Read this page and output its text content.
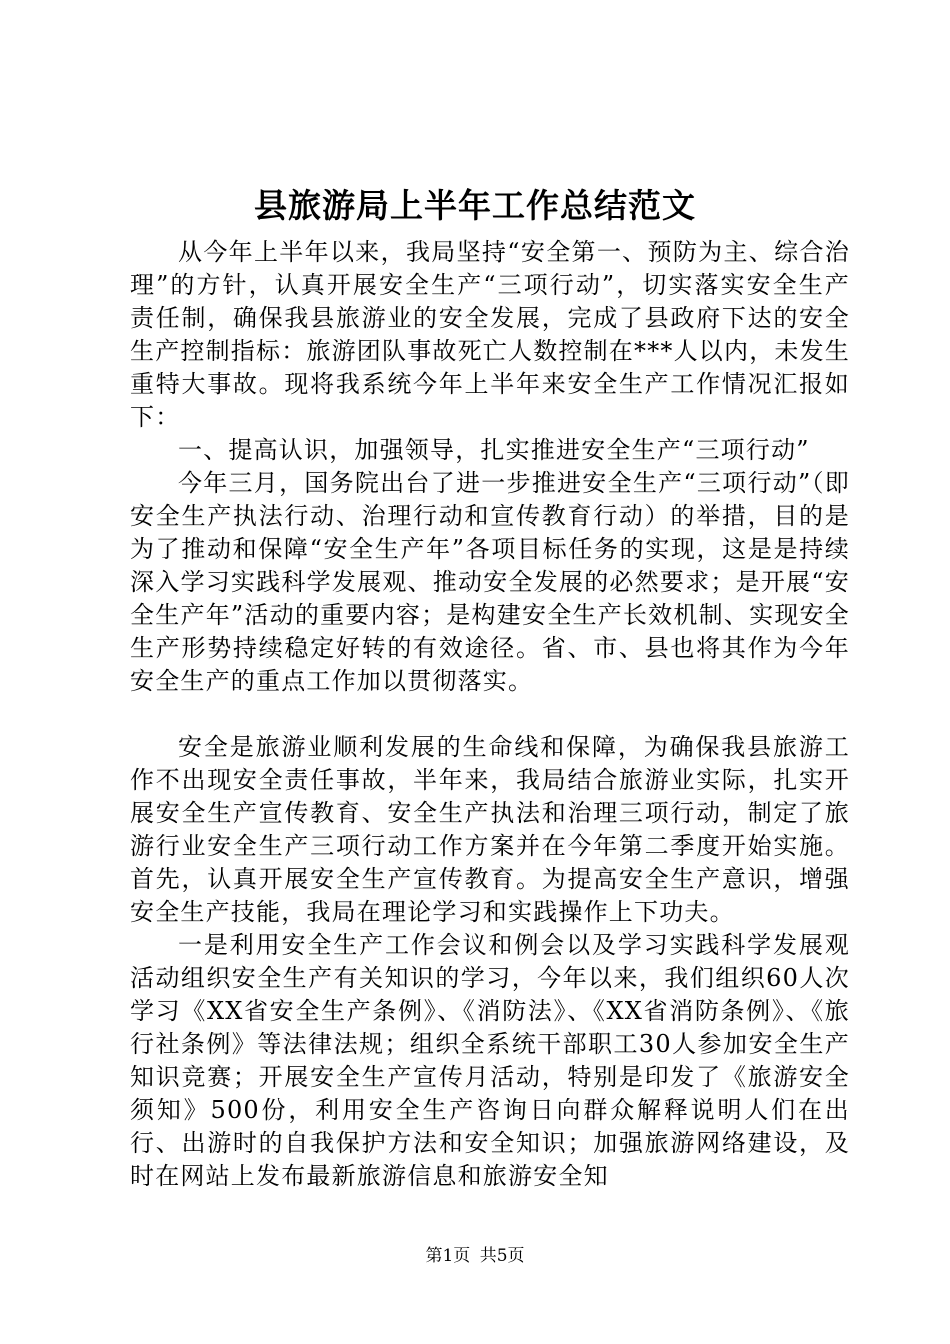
县旅游局上半年工作总结范文

从今年上半年以来，我局坚持“安全第一、预防为主、综合治理”的方针，认真开展安全生产“三项行动”，切实落实安全生产责任制，确保我县旅游业的安全发展，完成了县政府下达的安全生产控制指标：旅游团队事故死亡人数控制在***人以内，未发生重特大事故。现将我系统今年上半年来安全生产工作情况汇报如下：

一、提高认识，加强领导，扎实推进安全生产“三项行动”

今年三月，国务院出台了进一步推进安全生产“三项行动”（即安全生产执法行动、治理行动和宣传教育行动）的举措，目的是为了推动和保障“安全生产年”各项目标任务的实现，这是是持续深入学习实践科学发展观、推动安全发展的必然要求；是开展“安全生产年”活动的重要内容；是构建安全生产长效机制、实现安全生产形势持续稳定好转的有效途径。省、市、县也将其作为今年安全生产的重点工作加以贯彻落实。

安全是旅游业顺利发展的生命线和保障，为确保我县旅游工作不出现安全责任事故，半年来，我局结合旅游业实际，扎实开展安全生产宣传教育、安全生产执法和治理三项行动，制定了旅游行业安全生产三项行动工作方案并在今年第二季度开始实施。首先，认真开展安全生产宣传教育。为提高安全生产意识，增强安全生产技能，我局在理论学习和实践操作上下功夫。

一是利用安全生产工作会议和例会以及学习实践科学发展观活动组织安全生产有关知识的学习，今年以来，我们组织60人次学习《XX省安全生产条例》、《消防法》、《XX省消防条例》、《旅行社条例》等法律法规；组织全系统干部职工30人参加安全生产知识竞赛；开展安全生产宣传月活动，特别是印发了《旅游安全须知》500份，利用安全生产咨询日向群众解释说明人们在出行、出游时的自我保护方法和安全知识；加强旅游网络建设，及时在网站上发布最新旅游信息和旅游安全知

第1页 共5页
